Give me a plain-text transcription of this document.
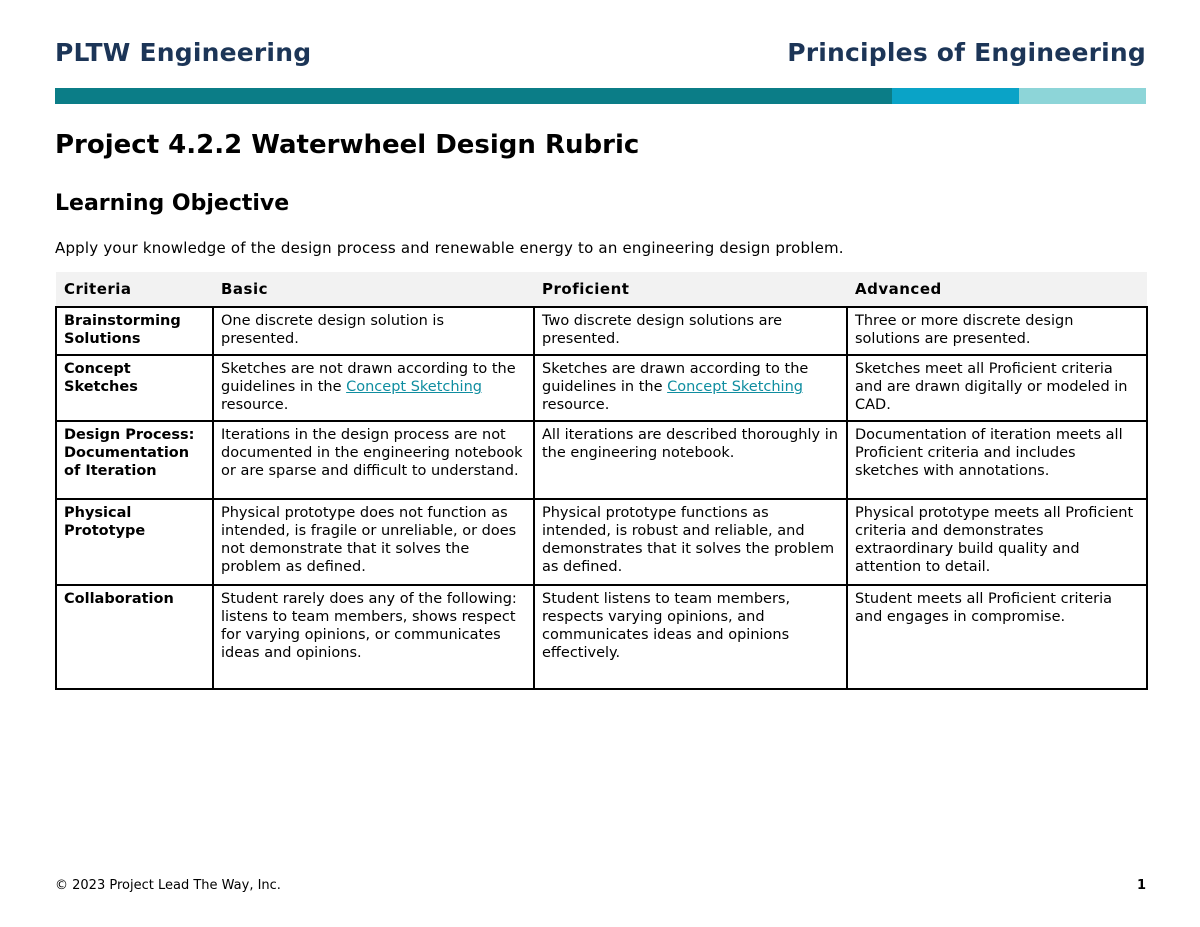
PLTW Engineering	Principles of Engineering
Project 4.2.2 Waterwheel Design Rubric
Learning Objective

Apply your knowledge of the design process and renewable energy to an engineering design problem.

Criteria	Basic	Proficient	Advanced
Brainstorming Solutions	One discrete design solution is presented.	Two discrete design solutions are presented.	Three or more discrete design solutions are presented.
Concept Sketches	Sketches are not drawn according to the guidelines in the Concept Sketching resource.	Sketches are drawn according to the guidelines in the Concept Sketching resource.	Sketches meet all Proficient criteria and are drawn digitally or modeled in CAD.
Design Process: Documentation of Iteration	Iterations in the design process are not documented in the engineering notebook or are sparse and difficult to understand.	All iterations are described thoroughly in the engineering notebook.	Documentation of iteration meets all Proficient criteria and includes sketches with annotations.
Physical Prototype	Physical prototype does not function as intended, is fragile or unreliable, or does not demonstrate that it solves the problem as defined.	Physical prototype functions as intended, is robust and reliable, and demonstrates that it solves the problem as defined.	Physical prototype meets all Proficient criteria and demonstrates extraordinary build quality and attention to detail.
Collaboration	Student rarely does any of the following: listens to team members, shows respect for varying opinions, or communicates ideas and opinions.	Student listens to team members, respects varying opinions, and communicates ideas and opinions effectively.	Student meets all Proficient criteria and engages in compromise.
© 2023 Project Lead The Way, Inc.	1
